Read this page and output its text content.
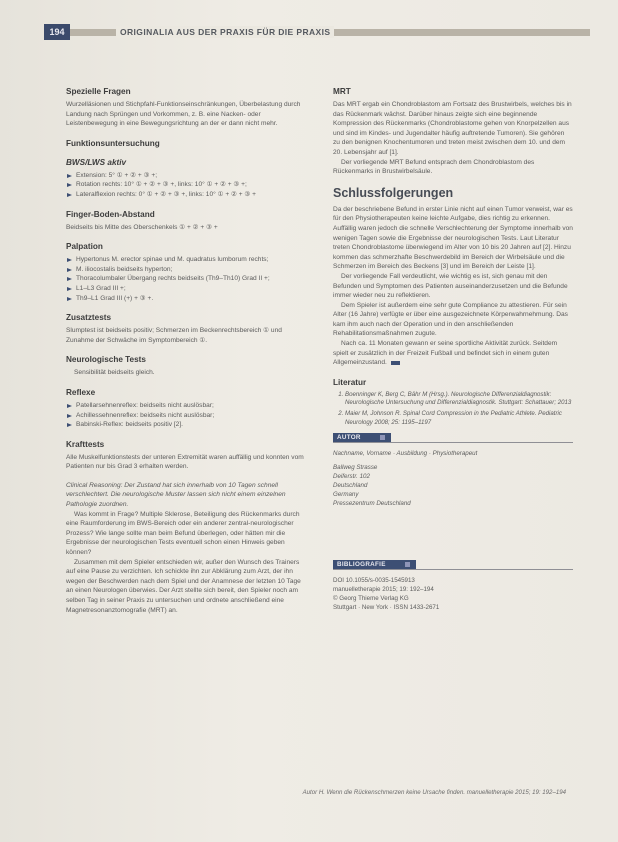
194	ORIGINALIA AUS DER PRAXIS FÜR DIE PRAXIS
Spezielle Fragen

Wurzelläsionen und Stichpfahl-Funktionseinschränkungen, Überbelastung durch Landung nach Sprüngen und Vorkommen, z. B. eine Nacken- oder Leistenbewegung in eine Bewegungsrichtung an der er dann nicht mehr.

Funktionsuntersuchung
BWS/LWS aktiv
Extension: 5° ① + ② + ③ +;
Rotation rechts: 10° ① + ② + ③ +, links: 10° ① + ② + ③ +;
Lateralflexion rechts: 0° ① + ② + ③ +, links: 10° ① + ② + ③ +
Finger-Boden-Abstand

Beidseits bis Mitte des Oberschenkels ① + ② + ③ +

Palpation
Hypertonus M. erector spinae und M. quadratus lumborum rechts;
M. iliocostalis beidseits hyperton;
Thoracolumbaler Übergang rechts beidseits (Th9–Th10) Grad II +;
L1–L3 Grad III +;
Th9–L1 Grad III (+) + ③ +.
Zusatztests

Slumptest ist beidseits positiv; Schmerzen im Beckenrechtsbereich ① und Zunahme der Schwäche im Symptombereich ①.

Neurologische Tests

Sensibilität beidseits gleich.

Reflexe
Patellarsehnenreflex: beidseits nicht auslösbar;
Achillessehnenreflex: beidseits nicht auslösbar;
Babinski-Reflex: beidseits positiv [2].
Krafttests

Alle Muskelfunktionstests der unteren Extremität waren auffällig und konnten vom Patienten nur bis Grad 3 erhalten werden.

Clinical Reasoning: Der Zustand hat sich innerhalb von 10 Tagen schnell verschlechtert. Die neurologische Muster lassen sich nicht einem einzelnen Pathologie zuordnen.

Was kommt in Frage? Multiple Sklerose, Beteiligung des Rückenmarks durch eine Raumforderung im BWS-Bereich oder ein anderer zentral-neurologischer Prozess? Wie lange sollte man beim Befund überlegen, oder hätten mir die Ergebnisse der neurologischen Tests eventuell schon einen Hinweis geben können?

Zusammen mit dem Spieler entschieden wir, außer den Wunsch des Trainers auf eine Pause zu verzichten. Ich schickte ihn zur Abklärung zum Arzt, der ihn wegen der Beschwerden nach dem Spiel und der Anamnese der letzten 10 Tage an einen Neurologen überwies. Der Arzt stellte sich bereit, den Spieler noch am selben Tag in seiner Praxis zu untersuchen und ordnete anschließend eine Magnetresonanztomografie (MRT) an.

MRT

Das MRT ergab ein Chondroblastom am Fortsatz des Brustwirbels, welches bis in das Rückenmark wächst. Darüber hinaus zeigte sich eine beginnende Kompression des Rückenmarks (Chondroblastome gehen von Knorpelzellen aus und sind im Kindes- und Jugendalter häufig auftretende Tumoren). Sie gehören zu den benignen Knochentumoren und treten meist zwischen dem 10. und dem 20. Lebensjahr auf [1].

Der vorliegende MRT Befund entsprach dem Chondroblastom des Rückenmarks in Brustwirbelsäule.

Schlussfolgerungen

Da der beschriebene Befund in erster Linie nicht auf einen Tumor verweist, war es für den Physiotherapeuten keine leichte Aufgabe, dies richtig zu erkennen. Auffällig waren jedoch die schnelle Verschlechterung der Symptome innerhalb von wenigen Tagen sowie die Ergebnisse der neurologischen Tests. Laut Literatur treten Chondroblastome überwiegend im Alter von 10 bis 20 Jahren auf [2]. Hinzu kommen das schmerzhafte Beschwerdebild im Bereich der Wirbelsäule und die Schmerzen im Bereich des Beckens [3] und im Bereich der Leiste [1].

Der vorliegende Fall verdeutlicht, wie wichtig es ist, sich genau mit den Befunden und Symptomen des Patienten auseinanderzusetzen und die Befunde immer wieder neu zu reflektieren.

Dem Spieler ist außerdem eine sehr gute Compliance zu attestieren. Für sein Alter (16 Jahre) verfügte er über eine ausgezeichnete Körperwahrnehmung. Das kam ihm auch nach der Operation und in den anschließenden Rehabilitationsmaßnahmen zugute.

Nach ca. 11 Monaten gewann er seine sportliche Aktivität zurück. Seitdem spielt er zusätzlich in der Freizeit Fußball und befindet sich in einem guten Allgemeinzustand.

Literatur
1. Boenninger K, Berg C, Bähr M (Hrsg.). Neurologische Differenzialdiagnostik: Neurologische Untersuchung und Differenzialdiagnostik. Stuttgart: Schattauer; 2013
2. Maier M, Johnson R. Spinal Cord Compression in the Pediatric Athlete. Pediatric Neurology 2008; 25: 1195–1197
AUTOR

Nachname, Vorname · Ausbildung · Physiotherapeut

Ballweg Strasse

Deiferstr. 102

Deutschland

Germany

Pressezentrum Deutschland

BIBLIOGRAFIE

DOI 10.1055/s-0035-1545913

manuelletherapie 2015; 19: 192–194

© Georg Thieme Verlag KG

Stuttgart · New York · ISSN 1433-2671

Autor H. Wenn die Rückenschmerzen keine Ursache finden. manuelletherapie 2015; 19: 192–194
